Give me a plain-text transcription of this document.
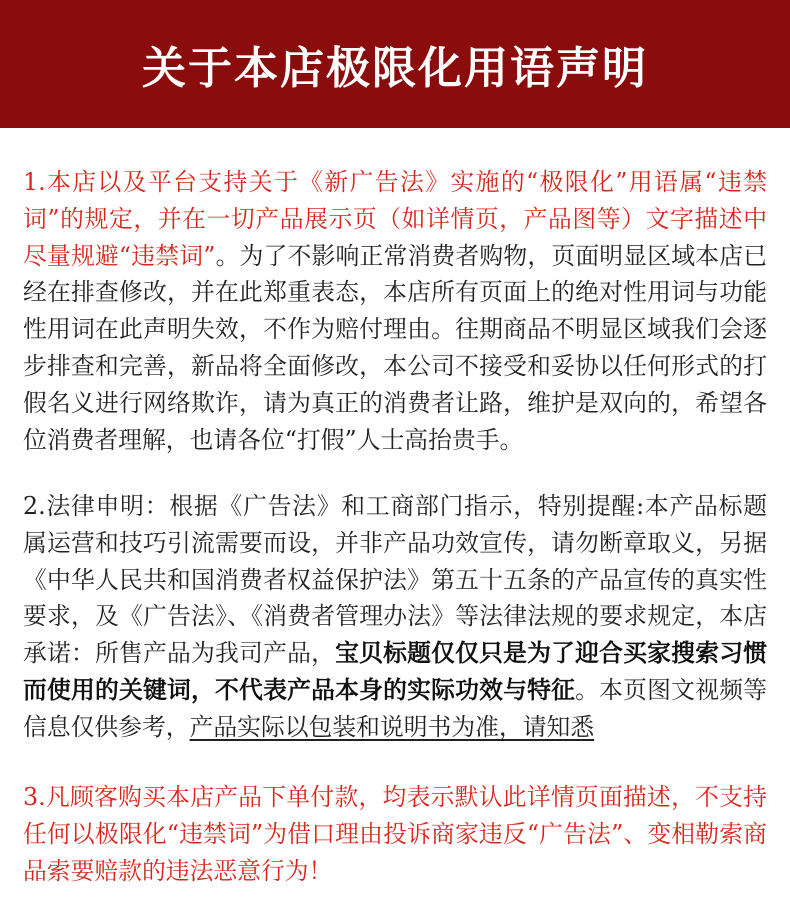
关于本店极限化用语声明

1.本店以及平台支持关于《新广告法》实施的“极限化”用语属“违禁词”的规定，并在一切产品展示页（如详情页，产品图等）文字描述中尽量规避“违禁词”。为了不影响正常消费者购物，页面明显区域本店已经在排查修改，并在此郑重表态，本店所有页面上的绝对性用词与功能性用词在此声明失效，不作为赔付理由。往期商品不明显区域我们会逐步排查和完善，新品将全面修改，本公司不接受和妥协以任何形式的打假名义进行网络欺诈，请为真正的消费者让路，维护是双向的，希望各位消费者理解，也请各位“打假”人士高抬贵手。

2.法律申明：根据《广告法》和工商部门指示，特别提醒:本产品标题属运营和技巧引流需要而设，并非产品功效宣传，请勿断章取义，另据《中华人民共和国消费者权益保护法》第五十五条的产品宣传的真实性要求，及《广告法》、《消费者管理办法》等法律法规的要求规定，本店承诺：所售产品为我司产品，宝贝标题仅仅只是为了迎合买家搜索习惯而使用的关键词，不代表产品本身的实际功效与特征。本页图文视频等信息仅供参考，产品实际以包装和说明书为准，请知悉

3.凡顾客购买本店产品下单付款，均表示默认此详情页面描述，不支持任何以极限化“违禁词”为借口理由投诉商家违反“广告法”、变相勒索商品索要赔款的违法恶意行为！
